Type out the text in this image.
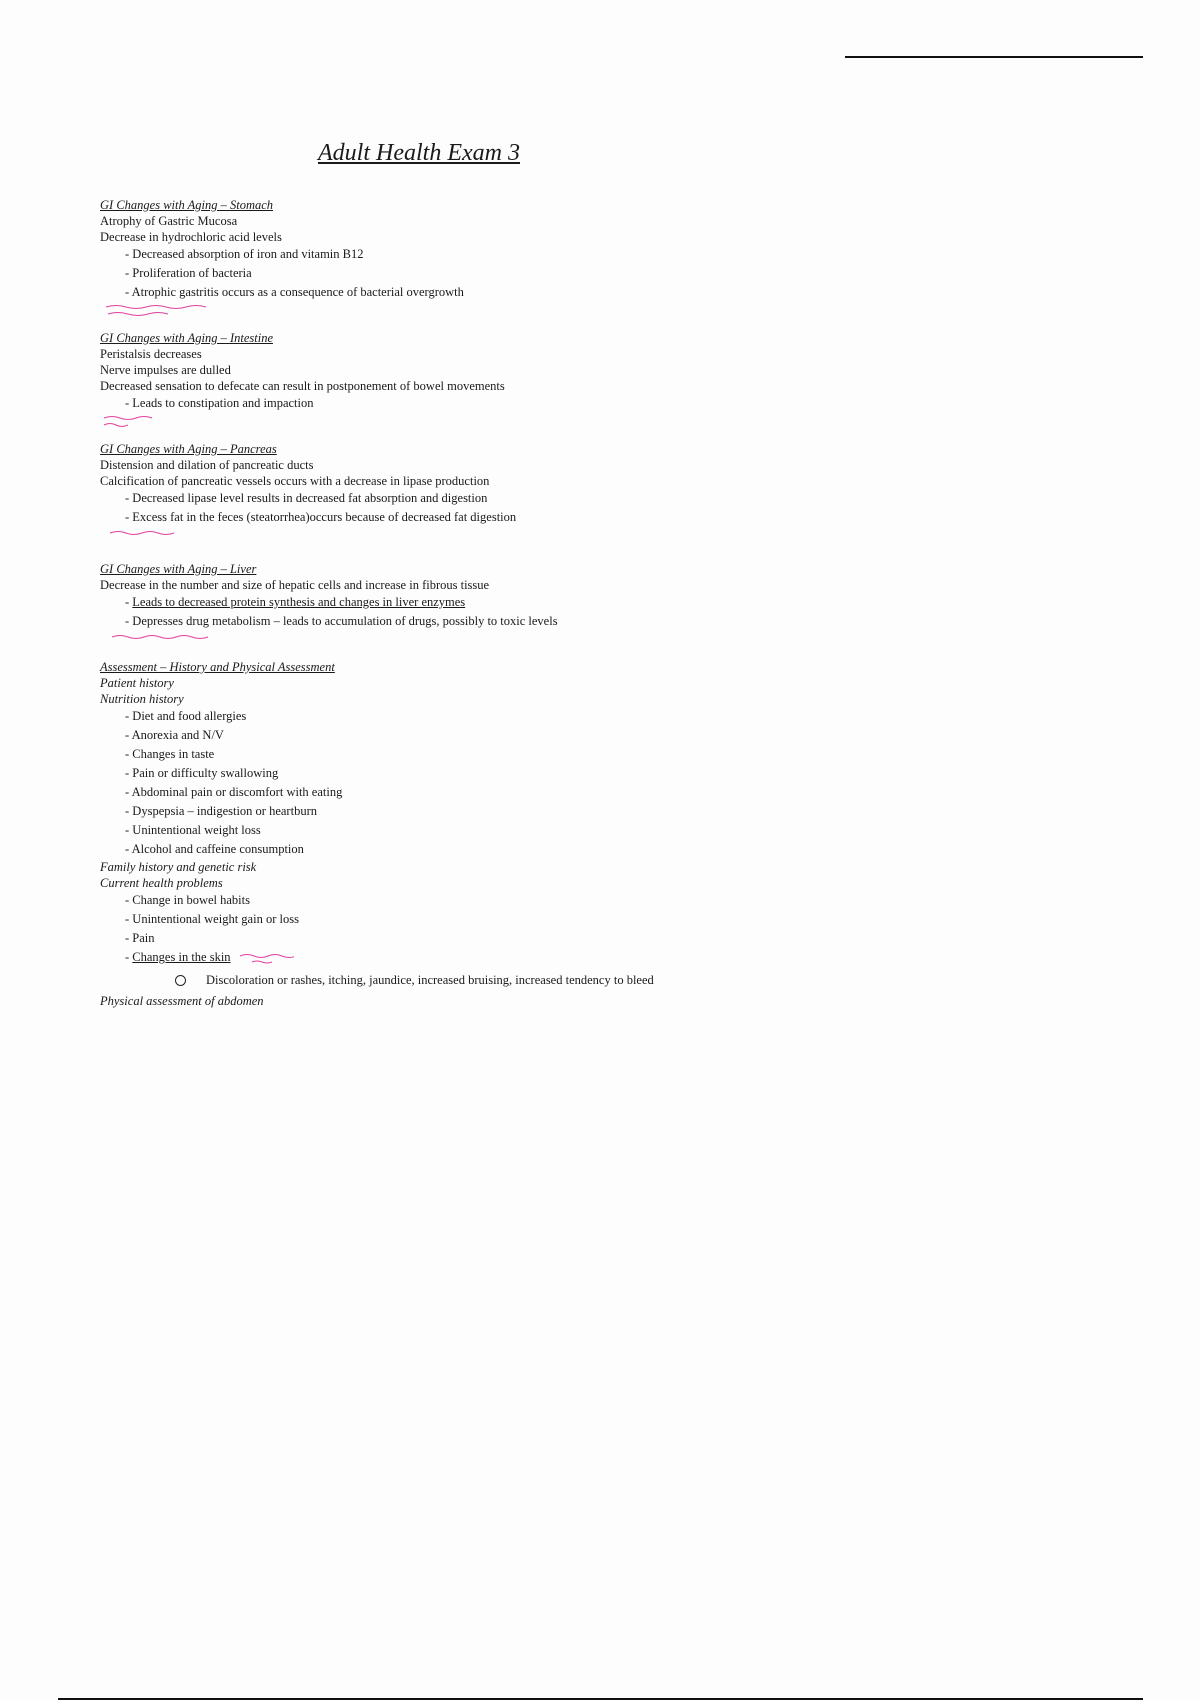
Adult Health Exam 3

GI Changes with Aging – Stomach

Atrophy of Gastric Mucosa

Decrease in hydrochloric acid levels

- Decreased absorption of iron and vitamin B12

- Proliferation of bacteria

- Atrophic gastritis occurs as a consequence of bacterial overgrowth

GI Changes with Aging – Intestine

Peristalsis decreases

Nerve impulses are dulled

Decreased sensation to defecate can result in postponement of bowel movements

- Leads to constipation and impaction

GI Changes with Aging – Pancreas

Distension and dilation of pancreatic ducts

Calcification of pancreatic vessels occurs with a decrease in lipase production

- Decreased lipase level results in decreased fat absorption and digestion

- Excess fat in the feces (steatorrhea)occurs because of decreased fat digestion

GI Changes with Aging – Liver

Decrease in the number and size of hepatic cells and increase in fibrous tissue

- Leads to decreased protein synthesis and changes in liver enzymes

- Depresses drug metabolism – leads to accumulation of drugs, possibly to toxic levels

Assessment – History and Physical Assessment

Patient history

Nutrition history

- Diet and food allergies

- Anorexia and N/V

- Changes in taste

- Pain or difficulty swallowing

- Abdominal pain or discomfort with eating

- Dyspepsia – indigestion or heartburn

- Unintentional weight loss

- Alcohol and caffeine consumption

Family history and genetic risk

Current health problems

- Change in bowel habits

- Unintentional weight gain or loss

- Pain

- Changes in the skin

Discoloration or rashes, itching, jaundice, increased bruising, increased tendency to bleed

Physical assessment of abdomen
